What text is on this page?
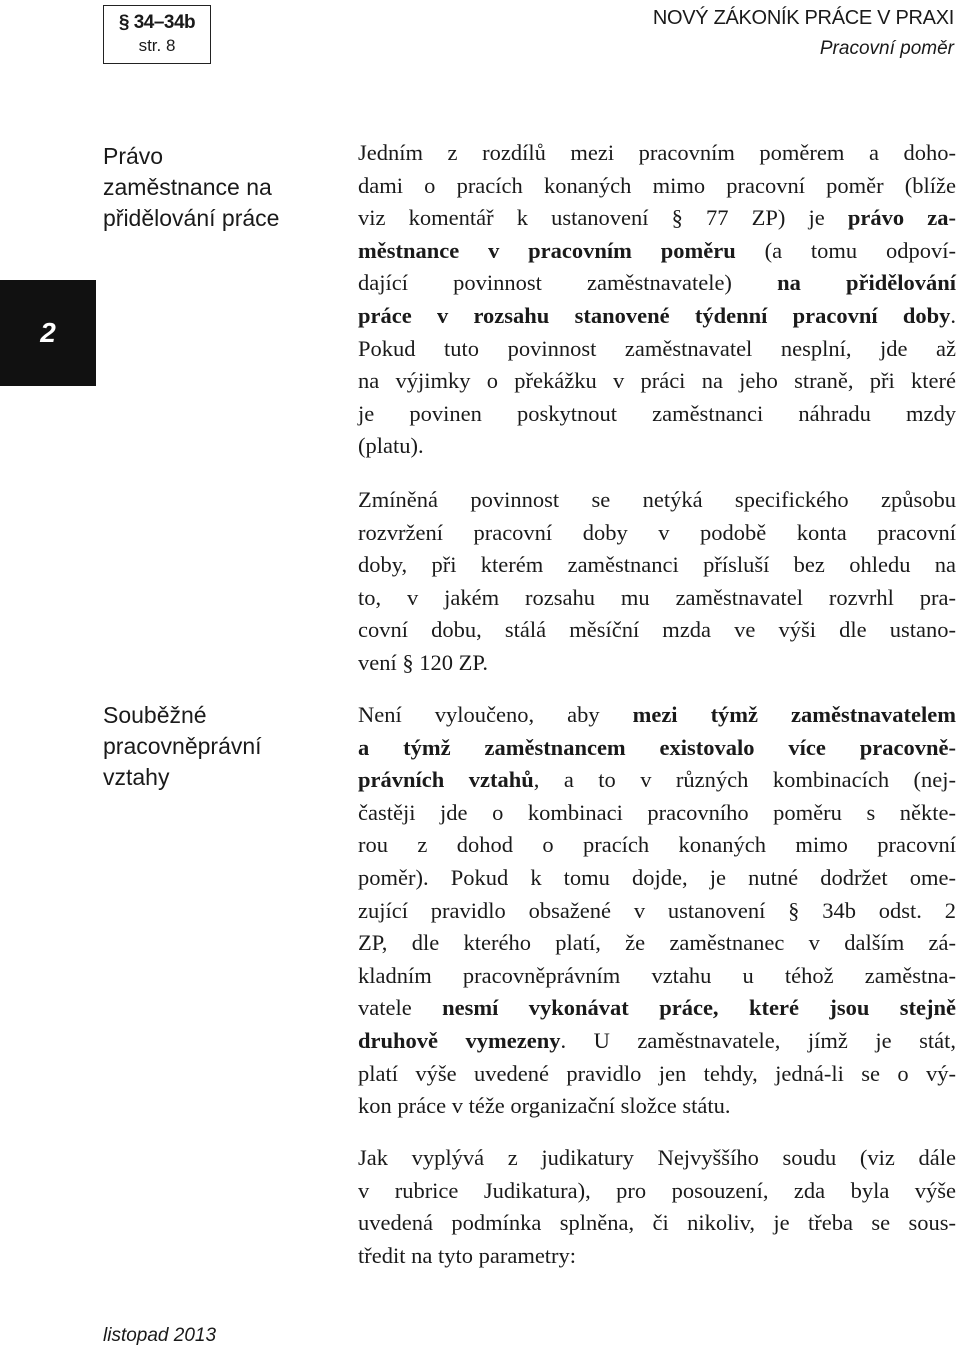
§ 34–34b
str. 8
NOVÝ ZÁKONÍK PRÁCE V PRAXI
Pracovní poměr
2
Právo
zaměstnance na
přidělování práce
Souběžné
pracovněprávní
vztahy
Jedním z rozdílů mezi pracovním poměrem a doho-
dami o pracích konaných mimo pracovní poměr (blíže
viz komentář k ustanovení § 77 ZP) je právo za-
městnance v pracovním poměru (a tomu odpoví-
dající povinnost zaměstnavatele) na přidělování
práce v rozsahu stanovené týdenní pracovní doby.
Pokud tuto povinnost zaměstnavatel nesplní, jde až
na výjimky o překážku v práci na jeho straně, při které
je povinen poskytnout zaměstnanci náhradu mzdy
(platu).
Zmíněná povinnost se netýká specifického způsobu
rozvržení pracovní doby v podobě konta pracovní
doby, při kterém zaměstnanci přísluší bez ohledu na
to, v jakém rozsahu mu zaměstnavatel rozvrhl pra-
covní dobu, stálá měsíční mzda ve výši dle ustano-
vení § 120 ZP.
Není vyloučeno, aby mezi týmž zaměstnavatelem
a týmž zaměstnancem existovalo více pracovně-
právních vztahů, a to v různých kombinacích (nej-
častěji jde o kombinaci pracovního poměru s někte-
rou z dohod o pracích konaných mimo pracovní
poměr). Pokud k tomu dojde, je nutné dodržet ome-
zující pravidlo obsažené v ustanovení § 34b odst. 2
ZP, dle kterého platí, že zaměstnanec v dalším zá-
kladním pracovněprávním vztahu u téhož zaměstna-
vatele nesmí vykonávat práce, které jsou stejně
druhově vymezeny. U zaměstnavatele, jímž je stát,
platí výše uvedené pravidlo jen tehdy, jedná-li se o vý-
kon práce v téže organizační složce státu.
Jak vyplývá z judikatury Nejvyššího soudu (viz dále
v rubrice Judikatura), pro posouzení, zda byla výše
uvedená podmínka splněna, či nikoliv, je třeba se sous-
tředit na tyto parametry:
listopad 2013
